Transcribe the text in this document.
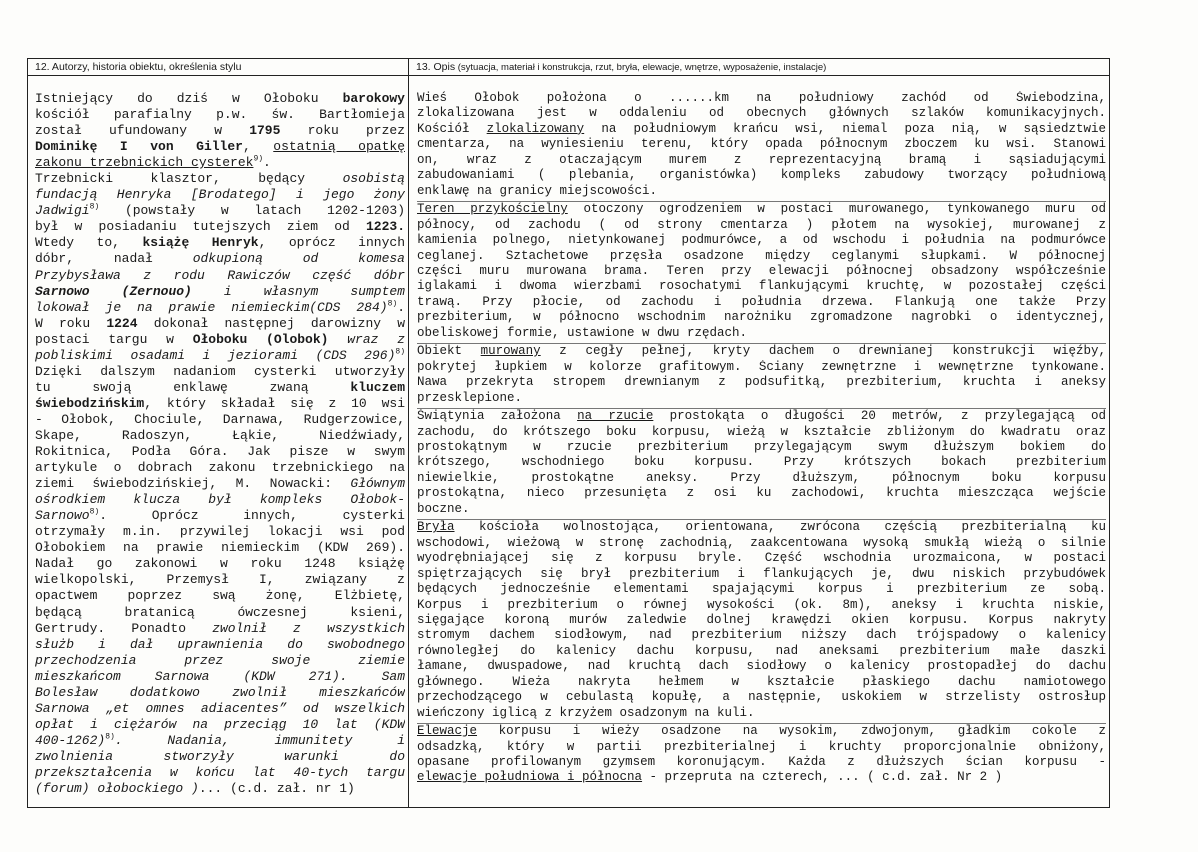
12. Autorzy, historia obiektu, określenia stylu
Istniejący do dziś w Ołoboku barokowy
kościół parafialny p.w. św. Bartłomieja
został ufundowany w 1795 roku przez
Dominikę I von Giller, ostatnią opatkę
zakonu trzebnickich cysterek$^{9)}$.
Trzebnicki klasztor, będący osobistą
fundacją Henryka [Brodatego] i jego żony
Jadwigi$^{8)}$ (powstały w latach 1202-1203)
był w posiadaniu tutejszych ziem od 1223.
Wtedy to, książę Henryk, oprócz innych
dóbr, nadał odkupioną od komesa
Przybysława z rodu Rawiczów część dóbr
Sarnowo (Zernouo) i własnym sumptem
lokował je na prawie niemieckim(CDS 284)$^{8)}$.
W roku 1224 dokonał następnej darowizny w
postaci targu w Ołoboku (Olobok) wraz z
pobliskimi osadami i jeziorami (CDS 296)$^{8)}$
Dzięki dalszym nadaniom cysterki utworzyły
tu swoją enklawę zwaną kluczem
świebodzińskim, który składał się z 10 wsi
- Ołobok, Chociule, Darnawa, Rudgerzowice,
Skape, Radoszyn, Łąkie, Niedźwiady,
Rokitnica, Podła Góra. Jak pisze w swym
artykule o dobrach zakonu trzebnickiego na
ziemi świebodzińskiej, M. Nowacki: Głównym
ośrodkiem klucza był kompleks Ołobok-
Sarnowo$^{8)}$. Oprócz innych, cysterki
otrzymały m.in. przywilej lokacji wsi pod
Ołobokiem na prawie niemieckim (KDW 269).
Nadał go zakonowi w roku 1248 książę
wielkopolski, Przemysł I, związany z
opactwem poprzez swą żonę, Elżbietę,
będącą bratanicą ówczesnej ksieni,
Gertrudy. Ponadto zwolnił z wszystkich
służb i dał uprawnienia do swobodnego
przechodzenia przez swoje ziemie
mieszkańcom Sarnowa (KDW 271). Sam
Bolesław dodatkowo zwolnił mieszkańców
Sarnowa „et omnes adiacentes” od wszelkich
opłat i ciężarów na przeciąg 10 lat (KDW
400-1262)$^{8)}$. Nadania, immunitety i
zwolnienia stworzyły warunki do
przekształcenia w końcu lat 40-tych targu
(forum) ołobockiego )... (c.d. zał. nr 1)
13. Opis (sytuacja, materiał i konstrukcja, rzut, bryła, elewacje, wnętrze, wyposażenie, instalacje)
Wieś Ołobok położona o ......km na południowy zachód od Świebodzina,
zlokalizowana jest w oddaleniu od obecnych głównych szlaków komunikacyjnych.
Kościół zlokalizowany na południowym krańcu wsi, niemal poza nią, w sąsiedztwie
cmentarza, na wyniesieniu terenu, który opada północnym zboczem ku wsi. Stanowi
on, wraz z otaczającym murem z reprezentacyjną bramą i sąsiadującymi
zabudowaniami ( plebania, organistówka) kompleks zabudowy tworzący południową
enklawę na granicy miejscowości.
Teren przykościelny otoczony ogrodzeniem w postaci murowanego, tynkowanego muru od
północy, od zachodu ( od strony cmentarza ) płotem na wysokiej, murowanej z
kamienia polnego, nietynkowanej podmurówce, a od wschodu i południa na podmurówce
ceglanej. Sztachetowe przęsła osadzone między ceglanymi słupkami. W północnej
części muru murowana brama. Teren przy elewacji północnej obsadzony współcześnie
iglakami i dwoma wierzbami rosochatymi flankującymi kruchtę, w pozostałej części
trawą. Przy płocie, od zachodu i południa drzewa. Flankują one także Przy
prezbiterium, w północno wschodnim narożniku zgromadzone nagrobki o identycznej,
obeliskowej formie, ustawione w dwu rzędach.
Obiekt murowany z cegły pełnej, kryty dachem o drewnianej konstrukcji więźby,
pokrytej łupkiem w kolorze grafitowym. Ściany zewnętrzne i wewnętrzne tynkowane.
Nawa przekryta stropem drewnianym z podsufitką, prezbiterium, kruchta i aneksy
przesklepione.
Świątynia założona na rzucie prostokąta o długości 20 metrów, z przylegającą od
zachodu, do krótszego boku korpusu, wieżą w kształcie zbliżonym do kwadratu oraz
prostokątnym w rzucie prezbiterium przylegającym swym dłuższym bokiem do
krótszego, wschodniego boku korpusu. Przy krótszych bokach prezbiterium
niewielkie, prostokątne aneksy. Przy dłuższym, północnym boku korpusu
prostokątna, nieco przesunięta z osi ku zachodowi, kruchta mieszcząca wejście
boczne.
Bryła kościoła wolnostojąca, orientowana, zwrócona częścią prezbiterialną ku
wschodowi, wieżową w stronę zachodnią, zaakcentowana wysoką smukłą wieżą o silnie
wyodrębniającej się z korpusu bryle. Część wschodnia urozmaicona, w postaci
spiętrzających się brył prezbiterium i flankujących je, dwu niskich przybudówek
będących jednocześnie elementami spajającymi korpus i prezbiterium ze sobą.
Korpus i prezbiterium o równej wysokości (ok. 8m), aneksy i kruchta niskie,
sięgające koroną murów zaledwie dolnej krawędzi okien korpusu. Korpus nakryty
stromym dachem siodłowym, nad prezbiterium niższy dach trójspadowy o kalenicy
równoległej do kalenicy dachu korpusu, nad aneksami prezbiterium małe daszki
łamane, dwuspadowe, nad kruchtą dach siodłowy o kalenicy prostopadłej do dachu
głównego. Wieża nakryta hełmem w kształcie płaskiego dachu namiotowego
przechodzącego w cebulastą kopułę, a następnie, uskokiem w strzelisty ostrosłup
wieńczony iglicą z krzyżem osadzonym na kuli.
Elewacje korpusu i wieży osadzone na wysokim, zdwojonym, gładkim cokole z
odsadzką, który w partii prezbiterialnej i kruchty proporcjonalnie obniżony,
opasane profilowanym gzymsem koronującym. Każda z dłuższych ścian korpusu -
elewacje południowa i północna - przepruta na czterech, ... ( c.d. zał. Nr 2 )
